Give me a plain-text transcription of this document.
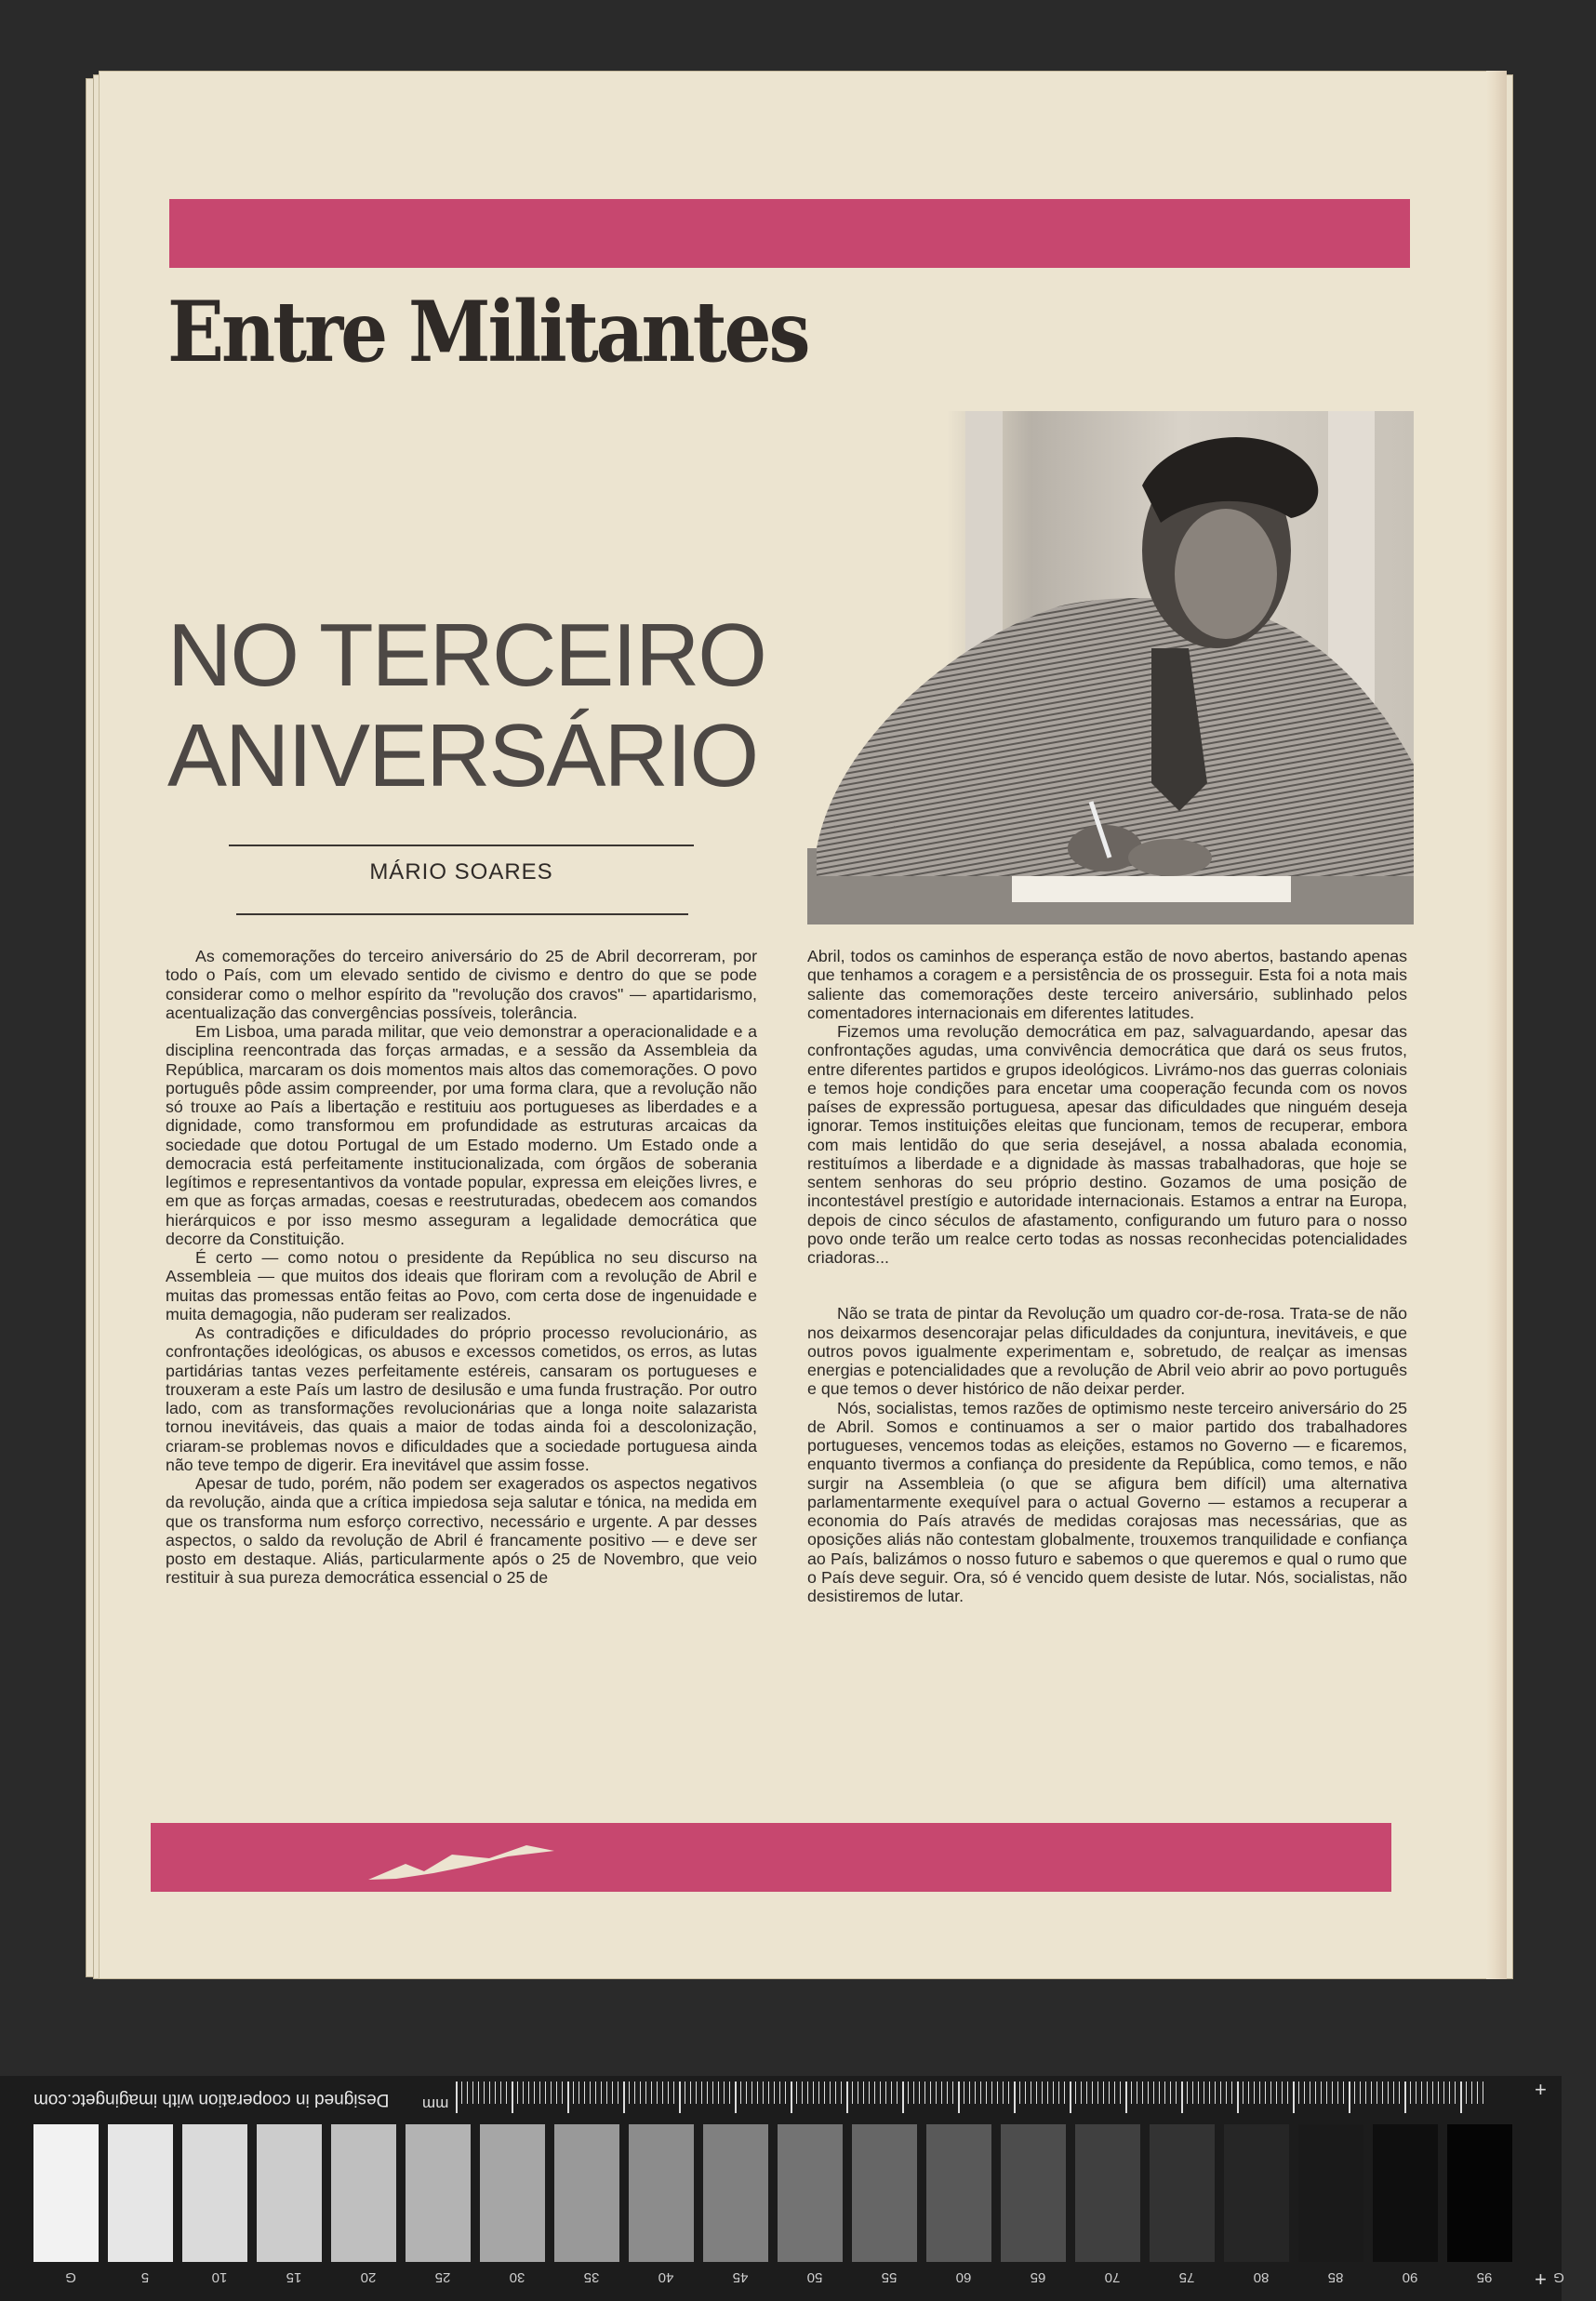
Entre Militantes
NO TERCEIRO
ANIVERSÁRIO
MÁRIO SOARES

As comemorações do terceiro aniversário do 25 de Abril decorreram, por todo o País, com um elevado sentido de civismo e dentro do que se pode considerar como o melhor espírito da "revolução dos cravos" — apartidarismo, acentualização das convergências possíveis, tolerância.

Em Lisboa, uma parada militar, que veio demonstrar a operacionalidade e a disciplina reencontrada das forças armadas, e a sessão da Assembleia da República, marcaram os dois momentos mais altos das comemorações. O povo português pôde assim compreender, por uma forma clara, que a revolução não só trouxe ao País a libertação e restituiu aos portugueses as liberdades e a dignidade, como transformou em profundidade as estruturas arcaicas da sociedade que dotou Portugal de um Estado moderno. Um Estado onde a democracia está perfeitamente institucionalizada, com órgãos de soberania legítimos e representantivos da vontade popular, expressa em eleições livres, e em que as forças armadas, coesas e reestruturadas, obedecem aos comandos hierárquicos e por isso mesmo asseguram a legalidade democrática que decorre da Constituição.

É certo — como notou o presidente da República no seu discurso na Assembleia — que muitos dos ideais que floriram com a revolução de Abril e muitas das promessas então feitas ao Povo, com certa dose de ingenuidade e muita demagogia, não puderam ser realizados.

As contradições e dificuldades do próprio processo revolucionário, as confrontações ideológicas, os abusos e excessos cometidos, os erros, as lutas partidárias tantas vezes perfeitamente estéreis, cansaram os portugueses e trouxeram a este País um lastro de desilusão e uma funda frustração. Por outro lado, com as transformações revolucionárias que a longa noite salazarista tornou inevitáveis, das quais a maior de todas ainda foi a descolonização, criaram-se problemas novos e dificuldades que a sociedade portuguesa ainda não teve tempo de digerir. Era inevitável que assim fosse.

Apesar de tudo, porém, não podem ser exagerados os aspectos negativos da revolução, ainda que a crítica impiedosa seja salutar e tónica, na medida em que os transforma num esforço correctivo, necessário e urgente. A par desses aspectos, o saldo da revolução de Abril é francamente positivo — e deve ser posto em destaque. Aliás, particularmente após o 25 de Novembro, que veio restituir à sua pureza democrática essencial o 25 de

Abril, todos os caminhos de esperança estão de novo abertos, bastando apenas que tenhamos a coragem e a persistência de os prosseguir. Esta foi a nota mais saliente das comemorações deste terceiro aniversário, sublinhado pelos comentadores internacionais em diferentes latitudes.

Fizemos uma revolução democrática em paz, salvaguardando, apesar das confrontações agudas, uma convivência democrática que dará os seus frutos, entre diferentes partidos e grupos ideológicos. Livrámo-nos das guerras coloniais e temos hoje condições para encetar uma cooperação fecunda com os novos países de expressão portuguesa, apesar das dificuldades que ninguém deseja ignorar. Temos instituições eleitas que funcionam, temos de recuperar, embora com mais lentidão do que seria desejável, a nossa abalada economia, restituímos a liberdade e a dignidade às massas trabalhadoras, que hoje se sentem senhoras do seu próprio destino. Gozamos de uma posição de incontestável prestígio e autoridade internacionais. Estamos a entrar na Europa, depois de cinco séculos de afastamento, configurando um futuro para o nosso povo onde terão um realce certo todas as nossas reconhecidas potencialidades criadoras...

Não se trata de pintar da Revolução um quadro cor-de-rosa. Trata-se de não nos deixarmos desencorajar pelas dificuldades da conjuntura, inevitáveis, e que outros povos igualmente experimentam e, sobretudo, de realçar as imensas energias e potencialidades que a revolução de Abril veio abrir ao povo português e que temos o dever histórico de não deixar perder.

Nós, socialistas, temos razões de optimismo neste terceiro aniversário do 25 de Abril. Somos e continuamos a ser o maior partido dos trabalhadores portugueses, vencemos todas as eleições, estamos no Governo — e ficaremos, enquanto tivermos a confiança do presidente da República, como temos, e não surgir na Assembleia (o que se afigura bem difícil) uma alternativa parlamentarmente exequível para o actual Governo — estamos a recuperar a economia do País através de medidas corajosas mas necessárias, que as oposições aliás não contestam globalmente, trouxemos tranquilidade e confiança ao País, balizámos o nosso futuro e sabemos o que queremos e qual o rumo que o País deve seguir. Ora, só é vencido quem desiste de lutar. Nós, socialistas, não desistiremos de lutar.

Designed in cooperation with imagingetc.com mm
G	5	10	15	20	25	30	35	40	45	50	55	60	65	70	75	80	85	90	95	G
+
+
